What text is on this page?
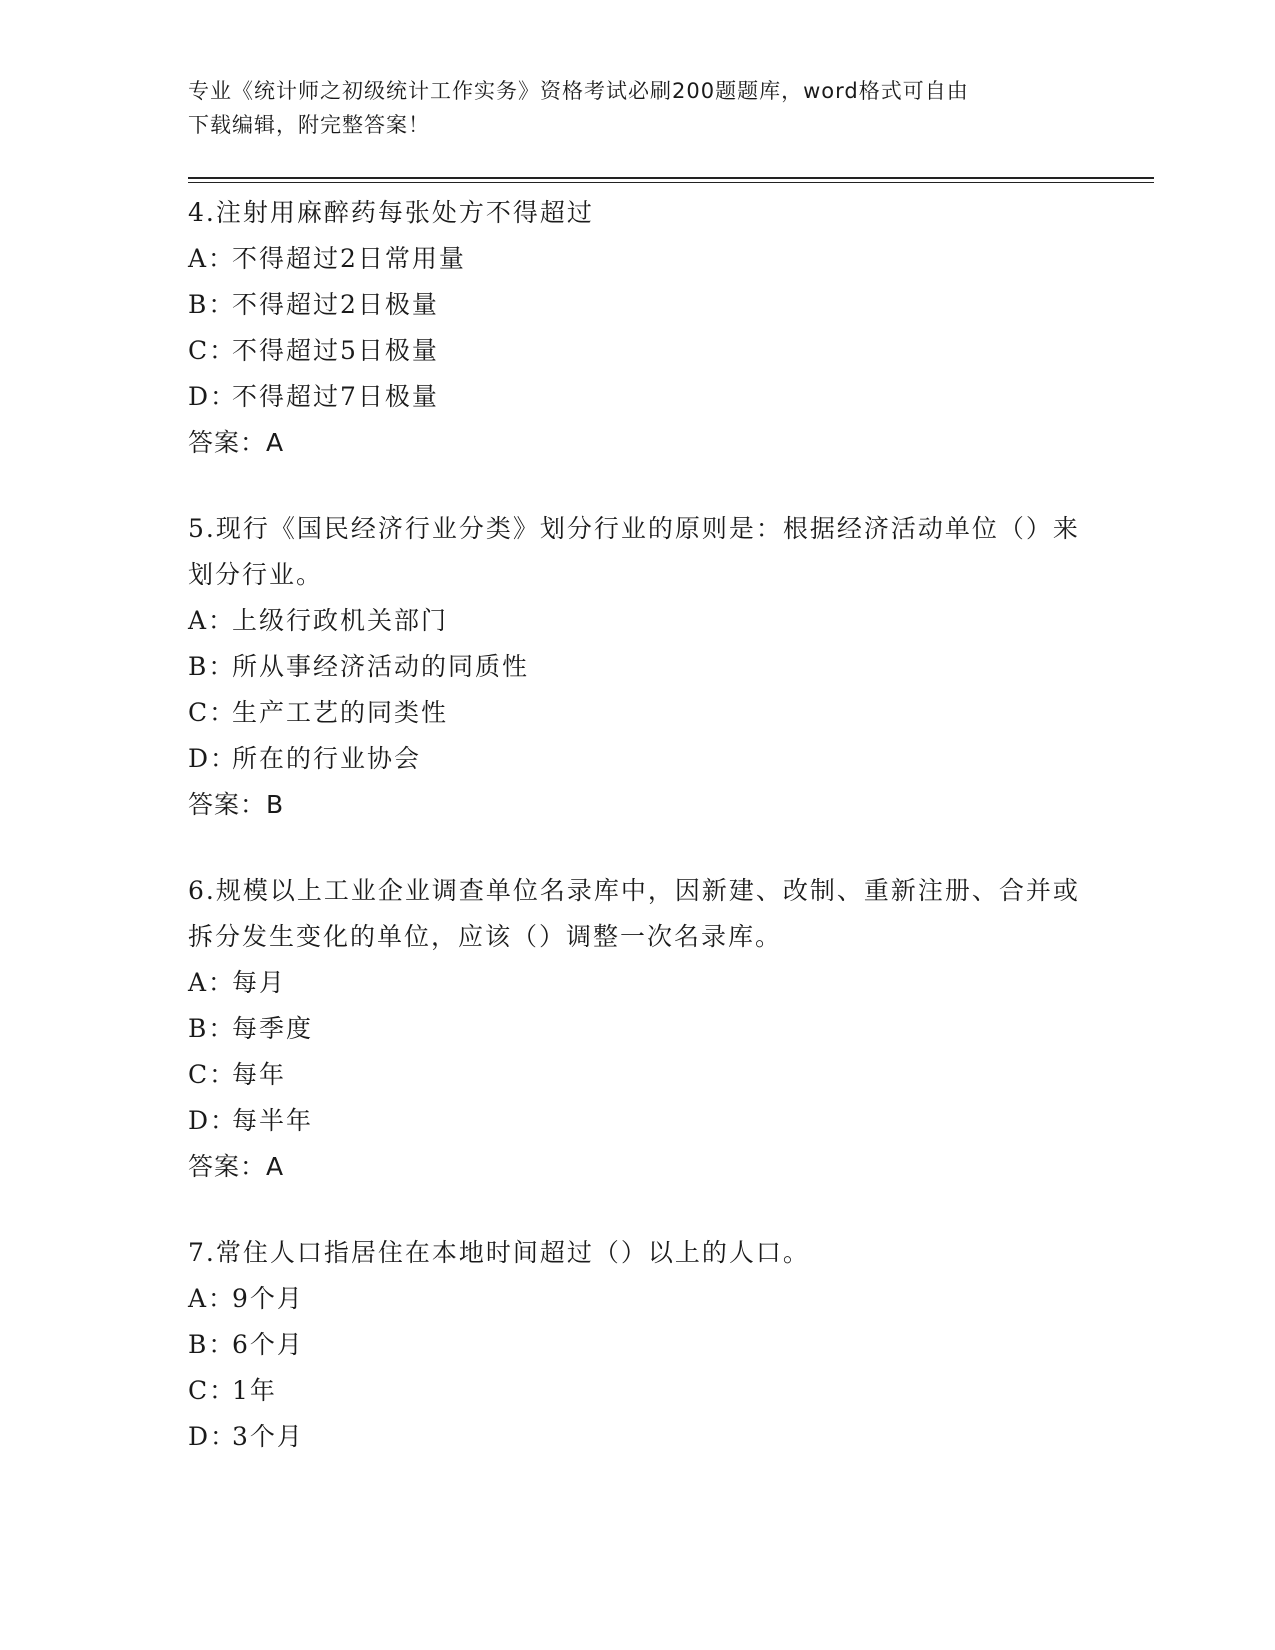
专业《统计师之初级统计工作实务》资格考试必刷200题题库，word格式可自由
下载编辑，附完整答案！

4.注射用麻醉药每张处方不得超过

A：不得超过2日常用量

B：不得超过2日极量

C：不得超过5日极量

D：不得超过7日极量

答案：A

5.现行《国民经济行业分类》划分行业的原则是：根据经济活动单位（）来划分行业。

A：上级行政机关部门

B：所从事经济活动的同质性

C：生产工艺的同类性

D：所在的行业协会

答案：B

6.规模以上工业企业调查单位名录库中，因新建、改制、重新注册、合并或拆分发生变化的单位，应该（）调整一次名录库。

A：每月

B：每季度

C：每年

D：每半年

答案：A

7.常住人口指居住在本地时间超过（）以上的人口。

A：9个月

B：6个月

C：1年

D：3个月
